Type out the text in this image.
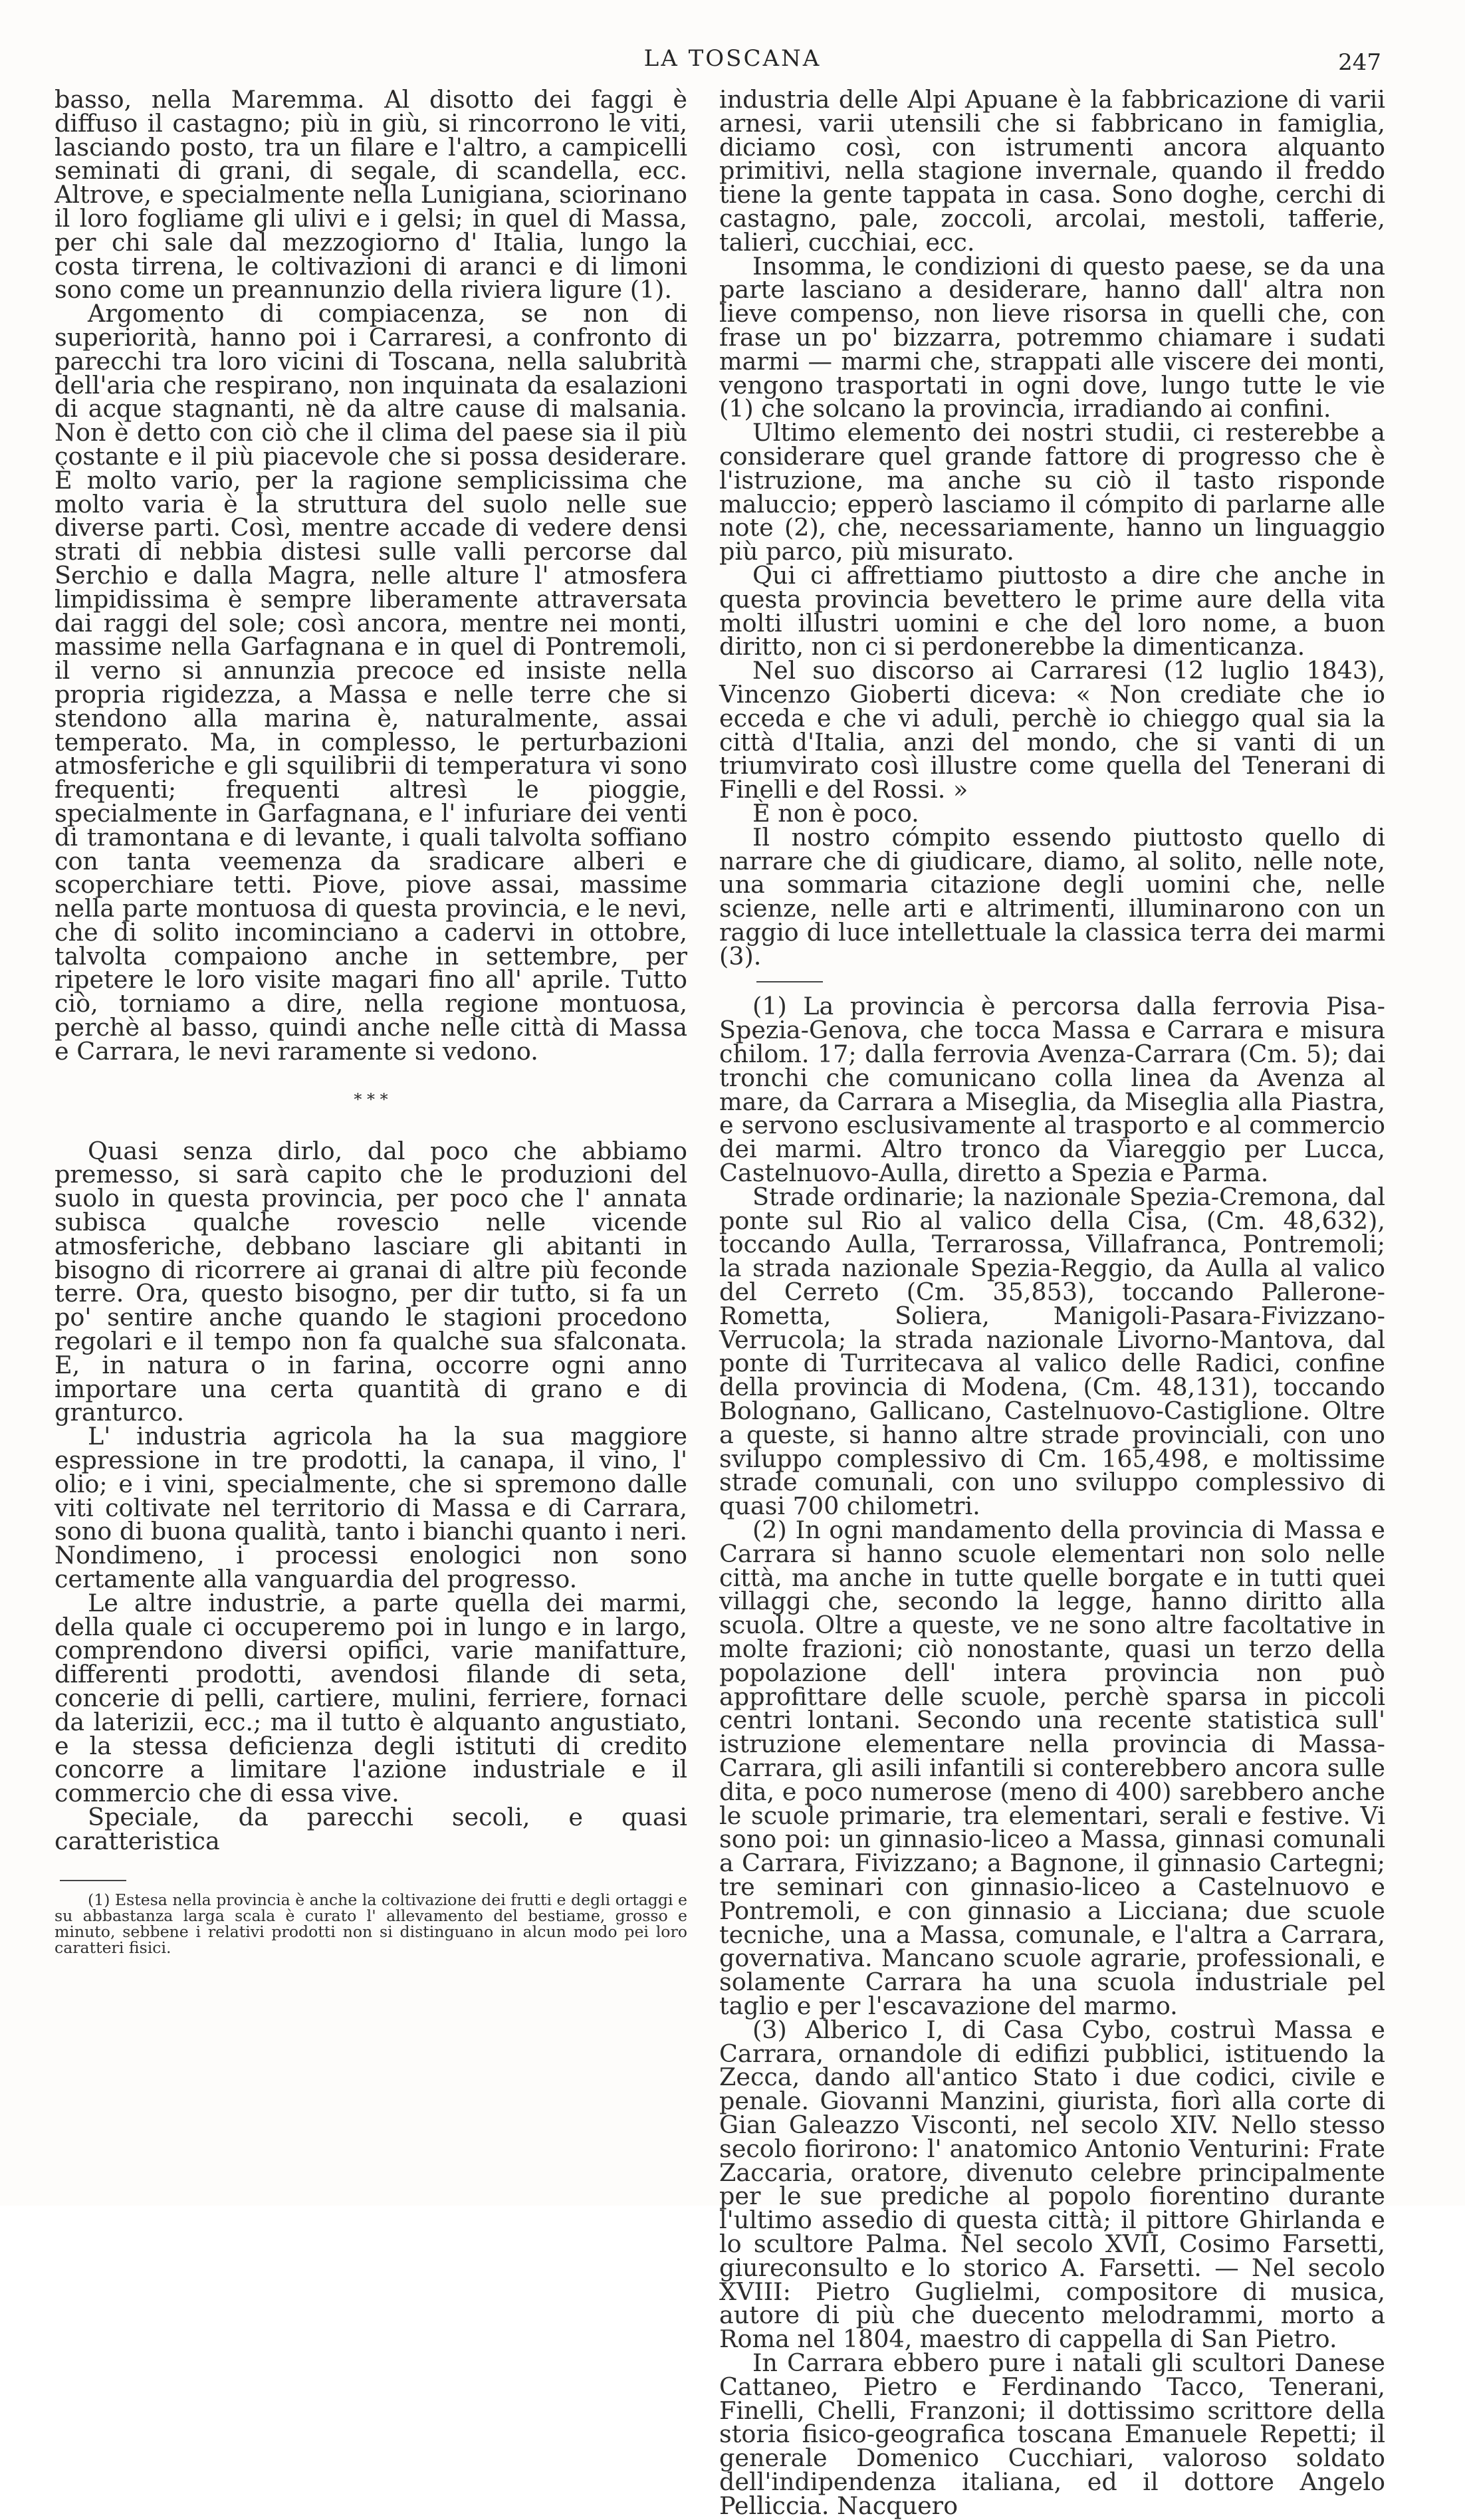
LA TOSCANA	247

basso, nella Maremma. Al disotto dei faggi è diffuso il castagno; più in giù, si rincorrono le viti, lasciando posto, tra un filare e l'altro, a campicelli seminati di grani, di segale, di scandella, ecc. Altrove, e specialmente nella Lunigiana, sciorinano il loro fogliame gli ulivi e i gelsi; in quel di Massa, per chi sale dal mezzogiorno d' Italia, lungo la costa tirrena, le coltivazioni di aranci e di limoni sono come un preannunzio della riviera ligure (1).

Argomento di compiacenza, se non di superiorità, hanno poi i Carraresi, a confronto di parecchi tra loro vicini di Toscana, nella salubrità dell'aria che respirano, non inquinata da esalazioni di acque stagnanti, nè da altre cause di malsania. Non è detto con ciò che il clima del paese sia il più costante e il più piacevole che si possa desiderare. È molto vario, per la ragione semplicissima che molto varia è la struttura del suolo nelle sue diverse parti. Così, mentre accade di vedere densi strati di nebbia distesi sulle valli percorse dal Serchio e dalla Magra, nelle alture l' atmosfera limpidissima è sempre liberamente attraversata dai raggi del sole; così ancora, mentre nei monti, massime nella Garfagnana e in quel di Pontremoli, il verno si annunzia precoce ed insiste nella propria rigidezza, a Massa e nelle terre che si stendono alla marina è, naturalmente, assai temperato. Ma, in complesso, le perturbazioni atmosferiche e gli squilibrii di temperatura vi sono frequenti; frequenti altresì le pioggie, specialmente in Garfagnana, e l' infuriare dei venti di tramontana e di levante, i quali talvolta soffiano con tanta veemenza da sradicare alberi e scoperchiare tetti. Piove, piove assai, massime nella parte montuosa di questa provincia, e le nevi, che di solito incominciano a cadervi in ottobre, talvolta compaiono anche in settembre, per ripetere le loro visite magari fino all' aprile. Tutto ciò, torniamo a dire, nella regione montuosa, perchè al basso, quindi anche nelle città di Massa e Carrara, le nevi raramente si vedono.

* * *

Quasi senza dirlo, dal poco che abbiamo premesso, si sarà capito che le produzioni del suolo in questa provincia, per poco che l' annata subisca qualche rovescio nelle vicende atmosferiche, debbano lasciare gli abitanti in bisogno di ricorrere ai granai di altre più feconde terre. Ora, questo bisogno, per dir tutto, si fa un po' sentire anche quando le stagioni procedono regolari e il tempo non fa qualche sua sfalconata. E, in natura o in farina, occorre ogni anno importare una certa quantità di grano e di granturco.

L' industria agricola ha la sua maggiore espressione in tre prodotti, la canapa, il vino, l' olio; e i vini, specialmente, che si spremono dalle viti coltivate nel territorio di Massa e di Carrara, sono di buona qualità, tanto i bianchi quanto i neri. Nondimeno, i processi enologici non sono certamente alla vanguardia del progresso.

Le altre industrie, a parte quella dei marmi, della quale ci occuperemo poi in lungo e in largo, comprendono diversi opifici, varie manifatture, differenti prodotti, avendosi filande di seta, concerie di pelli, cartiere, mulini, ferriere, fornaci da laterizii, ecc.; ma il tutto è alquanto angustiato, e la stessa deficienza degli istituti di credito concorre a limitare l'azione industriale e il commercio che di essa vive.

Speciale, da parecchi secoli, e quasi caratteristica

(1) Estesa nella provincia è anche la coltivazione dei frutti e degli ortaggi e su abbastanza larga scala è curato l' allevamento del bestiame, grosso e minuto, sebbene i relativi prodotti non si distinguano in alcun modo pei loro caratteri fisici.

industria delle Alpi Apuane è la fabbricazione di varii arnesi, varii utensili che si fabbricano in famiglia, diciamo così, con istrumenti ancora alquanto primitivi, nella stagione invernale, quando il freddo tiene la gente tappata in casa. Sono doghe, cerchi di castagno, pale, zoccoli, arcolai, mestoli, tafferie, talieri, cucchiai, ecc.

Insomma, le condizioni di questo paese, se da una parte lasciano a desiderare, hanno dall' altra non lieve compenso, non lieve risorsa in quelli che, con frase un po' bizzarra, potremmo chiamare i sudati marmi — marmi che, strappati alle viscere dei monti, vengono trasportati in ogni dove, lungo tutte le vie (1) che solcano la provincia, irradiando ai confini.

Ultimo elemento dei nostri studii, ci resterebbe a considerare quel grande fattore di progresso che è l'istruzione, ma anche su ciò il tasto risponde maluccio; epperò lasciamo il cómpito di parlarne alle note (2), che, necessariamente, hanno un linguaggio più parco, più misurato.

Qui ci affrettiamo piuttosto a dire che anche in questa provincia bevettero le prime aure della vita molti illustri uomini e che del loro nome, a buon diritto, non ci si perdonerebbe la dimenticanza.

Nel suo discorso ai Carraresi (12 luglio 1843), Vincenzo Gioberti diceva: « Non crediate che io ecceda e che vi aduli, perchè io chieggo qual sia la città d'Italia, anzi del mondo, che si vanti di un triumvirato così illustre come quella del Tenerani di Finelli e del Rossi. »

È non è poco.

Il nostro cómpito essendo piuttosto quello di narrare che di giudicare, diamo, al solito, nelle note, una sommaria citazione degli uomini che, nelle scienze, nelle arti e altrimenti, illuminarono con un raggio di luce intellettuale la classica terra dei marmi (3).

(1) La provincia è percorsa dalla ferrovia Pisa-Spezia-Genova, che tocca Massa e Carrara e misura chilom. 17; dalla ferrovia Avenza-Carrara (Cm. 5); dai tronchi che comunicano colla linea da Avenza al mare, da Carrara a Miseglia, da Miseglia alla Piastra, e servono esclusivamente al trasporto e al commercio dei marmi. Altro tronco da Viareggio per Lucca, Castelnuovo-Aulla, diretto a Spezia e Parma.

Strade ordinarie; la nazionale Spezia-Cremona, dal ponte sul Rio al valico della Cisa, (Cm. 48,632), toccando Aulla, Terrarossa, Villafranca, Pontremoli; la strada nazionale Spezia-Reggio, da Aulla al valico del Cerreto (Cm. 35,853), toccando Pallerone-Rometta, Soliera, Manigoli-Pasara-Fivizzano-Verrucola; la strada nazionale Livorno-Mantova, dal ponte di Turritecava al valico delle Radici, confine della provincia di Modena, (Cm. 48,131), toccando Bolognano, Gallicano, Castelnuovo-Castiglione. Oltre a queste, si hanno altre strade provinciali, con uno sviluppo complessivo di Cm. 165,498, e moltissime strade comunali, con uno sviluppo complessivo di quasi 700 chilometri.

(2) In ogni mandamento della provincia di Massa e Carrara si hanno scuole elementari non solo nelle città, ma anche in tutte quelle borgate e in tutti quei villaggi che, secondo la legge, hanno diritto alla scuola. Oltre a queste, ve ne sono altre facoltative in molte frazioni; ciò nonostante, quasi un terzo della popolazione dell' intera provincia non può approfittare delle scuole, perchè sparsa in piccoli centri lontani. Secondo una recente statistica sull' istruzione elementare nella provincia di Massa-Carrara, gli asili infantili si conterebbero ancora sulle dita, e poco numerose (meno di 400) sarebbero anche le scuole primarie, tra elementari, serali e festive. Vi sono poi: un ginnasio-liceo a Massa, ginnasi comunali a Carrara, Fivizzano; a Bagnone, il ginnasio Cartegni; tre seminari con ginnasio-liceo a Castelnuovo e Pontremoli, e con ginnasio a Licciana; due scuole tecniche, una a Massa, comunale, e l'altra a Carrara, governativa. Mancano scuole agrarie, professionali, e solamente Carrara ha una scuola industriale pel taglio e per l'escavazione del marmo.

(3) Alberico I, di Casa Cybo, costruì Massa e Carrara, ornandole di edifizi pubblici, istituendo la Zecca, dando all'antico Stato i due codici, civile e penale. Giovanni Manzini, giurista, fiorì alla corte di Gian Galeazzo Visconti, nel secolo XIV. Nello stesso secolo fiorirono: l' anatomico Antonio Venturini: Frate Zaccaria, oratore, divenuto celebre principalmente per le sue prediche al popolo fiorentino durante l'ultimo assedio di questa città; il pittore Ghirlanda e lo scultore Palma. Nel secolo XVII, Cosimo Farsetti, giureconsulto e lo storico A. Farsetti. — Nel secolo XVIII: Pietro Guglielmi, compositore di musica, autore di più che duecento melodrammi, morto a Roma nel 1804, maestro di cappella di San Pietro.

In Carrara ebbero pure i natali gli scultori Danese Cattaneo, Pietro e Ferdinando Tacco, Tenerani, Finelli, Chelli, Franzoni; il dottissimo scrittore della storia fisico-geografica toscana Emanuele Repetti; il generale Domenico Cucchiari, valoroso soldato dell'indipendenza italiana, ed il dottore Angelo Pelliccia. Nacquero
